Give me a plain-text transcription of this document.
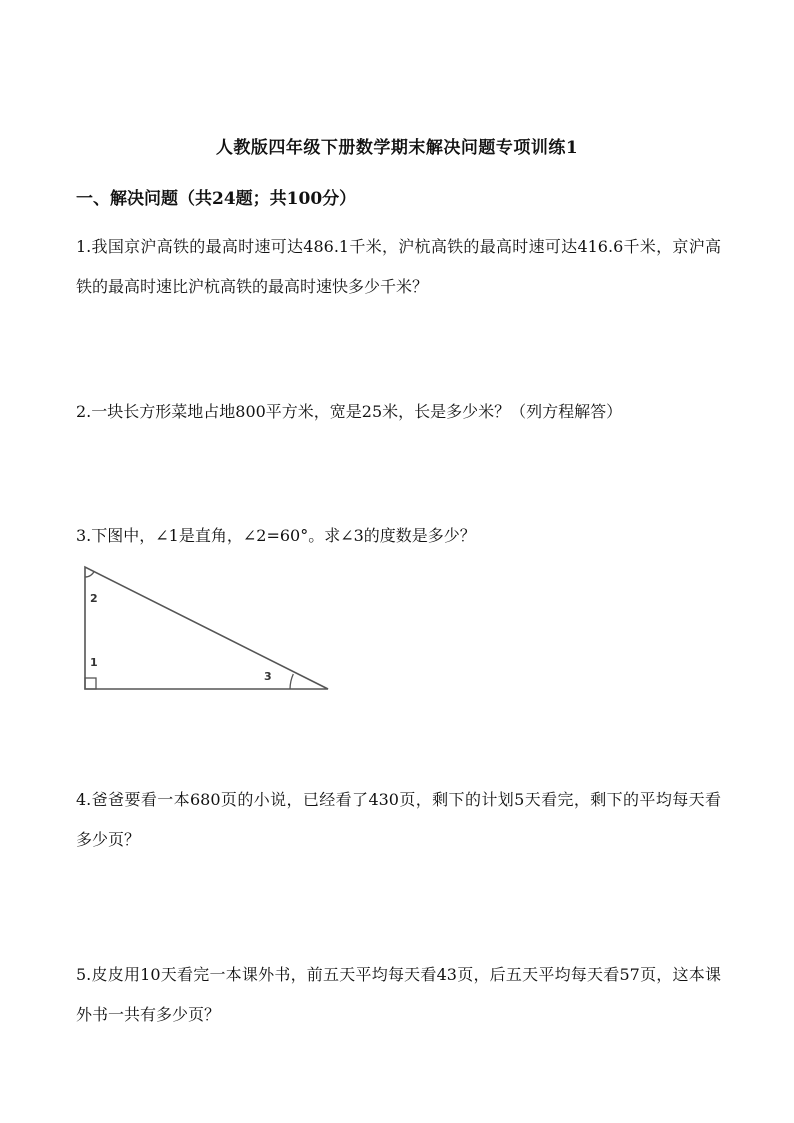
人教版四年级下册数学期末解决问题专项训练1
一、解决问题（共24题；共100分）
1.我国京沪高铁的最高时速可达486.1千米，沪杭高铁的最高时速可达416.6千米，京沪高铁的最高时速比沪杭高铁的最高时速快多少千米？
2.一块长方形菜地占地800平方米，宽是25米，长是多少米？（列方程解答）
3.下图中，∠1是直角，∠2=60°。求∠3的度数是多少？
2
1
3
4.爸爸要看一本680页的小说，已经看了430页，剩下的计划5天看完，剩下的平均每天看多少页？
5.皮皮用10天看完一本课外书，前五天平均每天看43页，后五天平均每天看57页，这本课外书一共有多少页？
